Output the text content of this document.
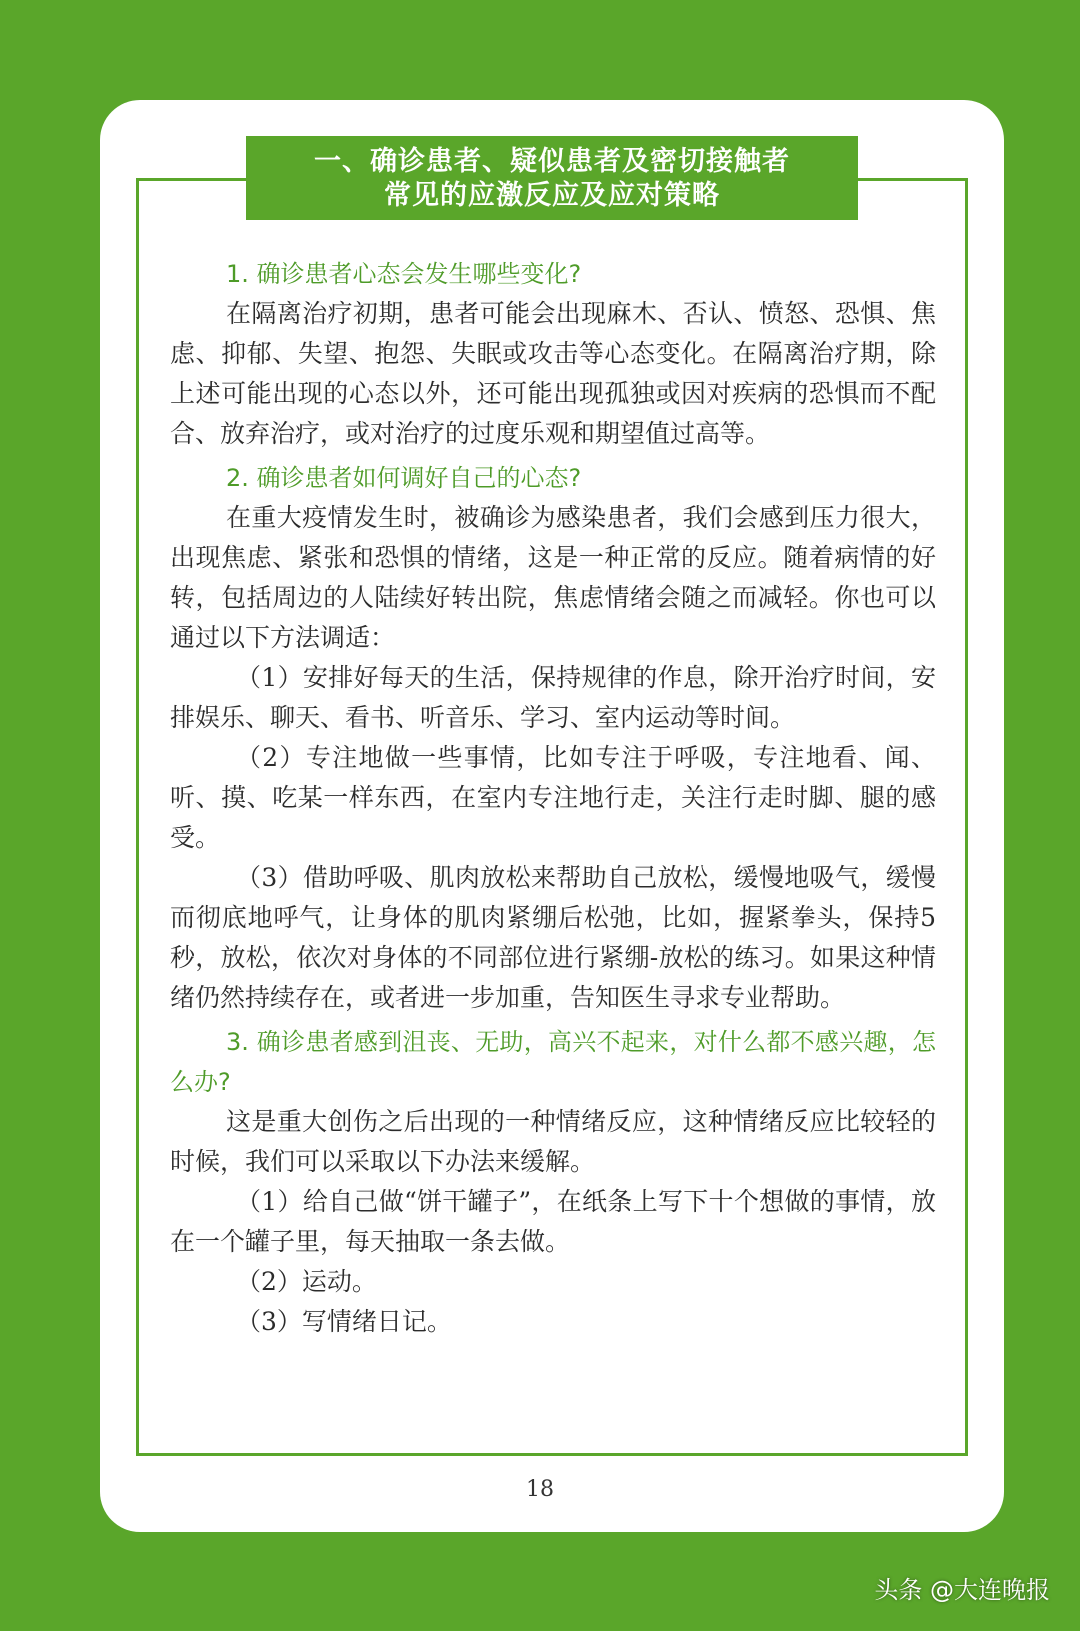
一、确诊患者、疑似患者及密切接触者
常见的应激反应及应对策略

1. 确诊患者心态会发生哪些变化?

在隔离治疗初期，患者可能会出现麻木、否认、愤怒、恐惧、焦虑、抑郁、失望、抱怨、失眠或攻击等心态变化。在隔离治疗期，除上述可能出现的心态以外，还可能出现孤独或因对疾病的恐惧而不配合、放弃治疗，或对治疗的过度乐观和期望值过高等。

2. 确诊患者如何调好自己的心态?

在重大疫情发生时，被确诊为感染患者，我们会感到压力很大，出现焦虑、紧张和恐惧的情绪，这是一种正常的反应。随着病情的好转，包括周边的人陆续好转出院，焦虑情绪会随之而减轻。你也可以通过以下方法调适：

（1）安排好每天的生活，保持规律的作息，除开治疗时间，安排娱乐、聊天、看书、听音乐、学习、室内运动等时间。

（2）专注地做一些事情，比如专注于呼吸，专注地看、闻、听、摸、吃某一样东西，在室内专注地行走，关注行走时脚、腿的感受。

（3）借助呼吸、肌肉放松来帮助自己放松，缓慢地吸气，缓慢而彻底地呼气，让身体的肌肉紧绷后松弛，比如，握紧拳头，保持5秒，放松，依次对身体的不同部位进行紧绷-放松的练习。如果这种情绪仍然持续存在，或者进一步加重，告知医生寻求专业帮助。

3. 确诊患者感到沮丧、无助，高兴不起来，对什么都不感兴趣，怎么办?

这是重大创伤之后出现的一种情绪反应，这种情绪反应比较轻的时候，我们可以采取以下办法来缓解。

（1）给自己做“饼干罐子”，在纸条上写下十个想做的事情，放在一个罐子里，每天抽取一条去做。

（2）运动。

（3）写情绪日记。

18
头条 @大连晚报
